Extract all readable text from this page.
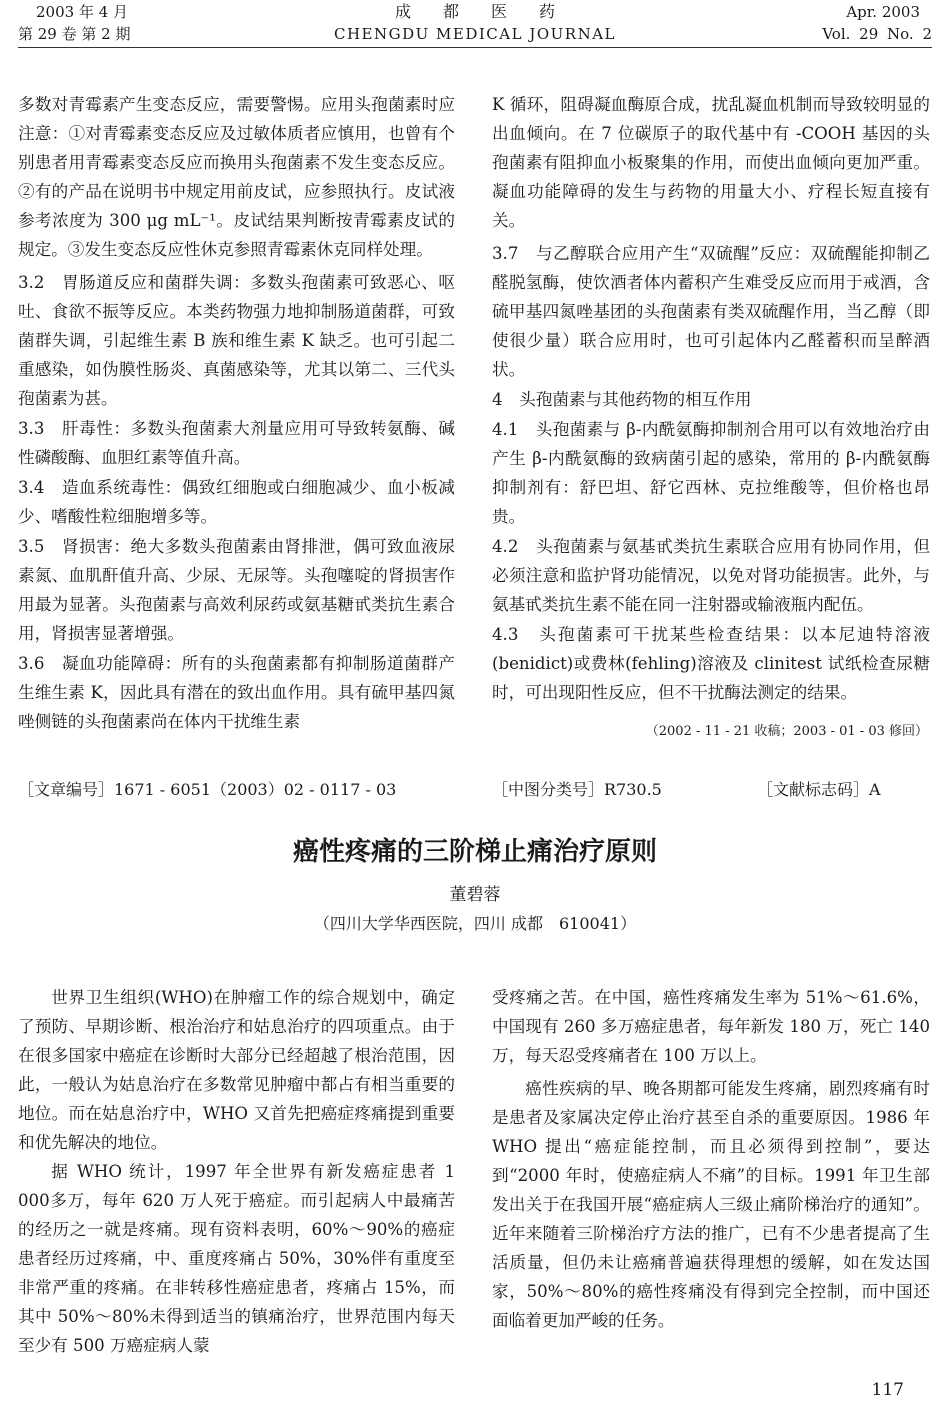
2003 年 4 月
第 29 卷 第 2 期
成　　都　　医　　药
CHENGDU MEDICAL JOURNAL
Apr. 2003
Vol. 29 No. 2

多数对青霉素产生变态反应，需要警惕。应用头孢菌素时应注意：①对青霉素变态反应及过敏体质者应慎用，也曾有个别患者用青霉素变态反应而换用头孢菌素不发生变态反应。②有的产品在说明书中规定用前皮试，应参照执行。皮试液参考浓度为 300 μg mL⁻¹。皮试结果判断按青霉素皮试的规定。③发生变态反应性休克参照青霉素休克同样处理。

3.2　胃肠道反应和菌群失调：多数头孢菌素可致恶心、呕吐、食欲不振等反应。本类药物强力地抑制肠道菌群，可致菌群失调，引起维生素 B 族和维生素 K 缺乏。也可引起二重感染，如伪膜性肠炎、真菌感染等，尤其以第二、三代头孢菌素为甚。

3.3　肝毒性：多数头孢菌素大剂量应用可导致转氨酶、碱性磷酸酶、血胆红素等值升高。

3.4　造血系统毒性：偶致红细胞或白细胞减少、血小板减少、嗜酸性粒细胞增多等。

3.5　肾损害：绝大多数头孢菌素由肾排泄，偶可致血液尿素氮、血肌酐值升高、少尿、无尿等。头孢噻啶的肾损害作用最为显著。头孢菌素与高效利尿药或氨基糖甙类抗生素合用，肾损害显著增强。

3.6　凝血功能障碍：所有的头孢菌素都有抑制肠道菌群产生维生素 K，因此具有潜在的致出血作用。具有硫甲基四氮唑侧链的头孢菌素尚在体内干扰维生素

K 循环，阻碍凝血酶原合成，扰乱凝血机制而导致较明显的出血倾向。在 7 位碳原子的取代基中有 -COOH 基因的头孢菌素有阻抑血小板聚集的作用，而使出血倾向更加严重。凝血功能障碍的发生与药物的用量大小、疗程长短直接有关。

3.7　与乙醇联合应用产生“双硫醒”反应：双硫醒能抑制乙醛脱氢酶，使饮酒者体内蓄积产生难受反应而用于戒酒，含硫甲基四氮唑基团的头孢菌素有类双硫醒作用，当乙醇（即使很少量）联合应用时，也可引起体内乙醛蓄积而呈醉酒状。

4　头孢菌素与其他药物的相互作用

4.1　头孢菌素与 β-内酰氨酶抑制剂合用可以有效地治疗由产生 β-内酰氨酶的致病菌引起的感染，常用的 β-内酰氨酶抑制剂有：舒巴坦、舒它西林、克拉维酸等，但价格也昂贵。

4.2　头孢菌素与氨基甙类抗生素联合应用有协同作用，但必须注意和监护肾功能情况，以免对肾功能损害。此外，与氨基甙类抗生素不能在同一注射器或输液瓶内配伍。

4.3　头孢菌素可干扰某些检查结果：以本尼迪特溶液(benidict)或费林(fehling)溶液及 clinitest 试纸检查尿糖时，可出现阳性反应，但不干扰酶法测定的结果。

（2002 - 11 - 21 收稿；2003 - 01 - 03 修回）
［文章编号］1671 - 6051（2003）02 - 0117 - 03	［中图分类号］R730.5	［文献标志码］A
癌性疼痛的三阶梯止痛治疗原则
董碧蓉
（四川大学华西医院，四川 成都　610041）

世界卫生组织(WHO)在肿瘤工作的综合规划中，确定了预防、早期诊断、根治治疗和姑息治疗的四项重点。由于在很多国家中癌症在诊断时大部分已经超越了根治范围，因此，一般认为姑息治疗在多数常见肿瘤中都占有相当重要的地位。而在姑息治疗中，WHO 又首先把癌症疼痛提到重要和优先解决的地位。

据 WHO 统计，1997 年全世界有新发癌症患者 1 000多万，每年 620 万人死于癌症。而引起病人中最痛苦的经历之一就是疼痛。现有资料表明，60%～90%的癌症患者经历过疼痛，中、重度疼痛占 50%，30%伴有重度至非常严重的疼痛。在非转移性癌症患者，疼痛占 15%，而其中 50%～80%未得到适当的镇痛治疗，世界范围内每天至少有 500 万癌症病人蒙

受疼痛之苦。在中国，癌性疼痛发生率为 51%～61.6%，中国现有 260 多万癌症患者，每年新发 180 万，死亡 140 万，每天忍受疼痛者在 100 万以上。

癌性疾病的早、晚各期都可能发生疼痛，剧烈疼痛有时是患者及家属决定停止治疗甚至自杀的重要原因。1986 年 WHO 提出“癌症能控制，而且必须得到控制”，要达到“2000 年时，使癌症病人不痛”的目标。1991 年卫生部发出关于在我国开展“癌症病人三级止痛阶梯治疗的通知”。近年来随着三阶梯治疗方法的推广，已有不少患者提高了生活质量，但仍未让癌痛普遍获得理想的缓解，如在发达国家，50%～80%的癌性疼痛没有得到完全控制，而中国还面临着更加严峻的任务。

117
